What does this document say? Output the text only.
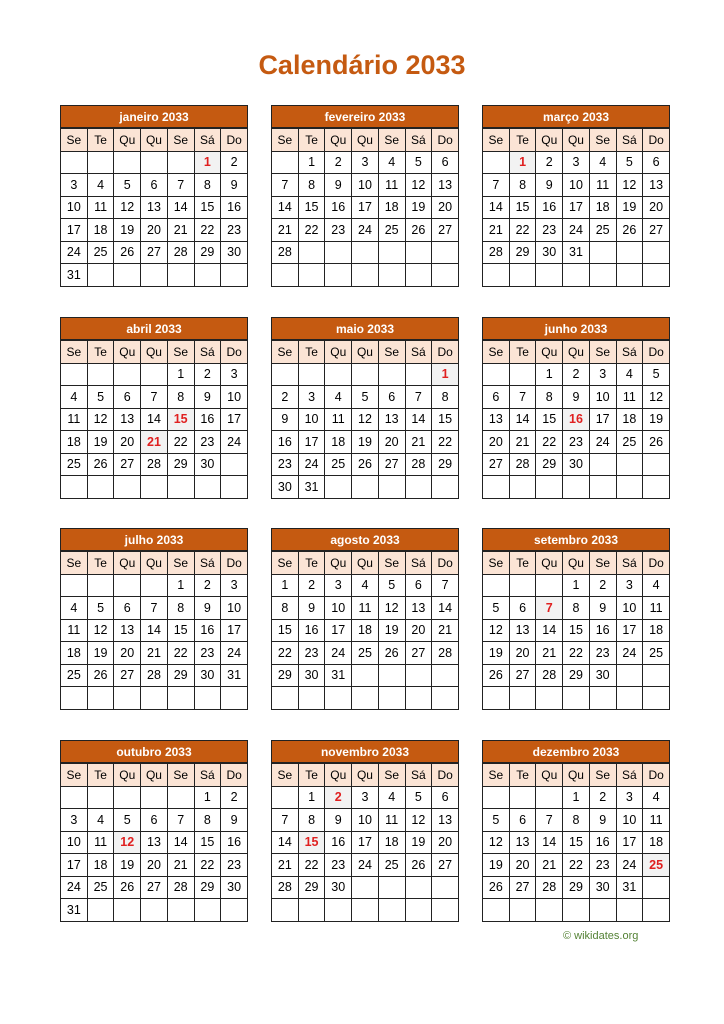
Calendário 2033
janeiro 2033
Se	Te	Qu	Qu	Se	Sá	Do
					1	2
3	4	5	6	7	8	9
10	11	12	13	14	15	16
17	18	19	20	21	22	23
24	25	26	27	28	29	30
31						
fevereiro 2033
Se	Te	Qu	Qu	Se	Sá	Do
	1	2	3	4	5	6
7	8	9	10	11	12	13
14	15	16	17	18	19	20
21	22	23	24	25	26	27
28						

março 2033
Se	Te	Qu	Qu	Se	Sá	Do
	1	2	3	4	5	6
7	8	9	10	11	12	13
14	15	16	17	18	19	20
21	22	23	24	25	26	27
28	29	30	31			

abril 2033
Se	Te	Qu	Qu	Se	Sá	Do
				1	2	3
4	5	6	7	8	9	10
11	12	13	14	15	16	17
18	19	20	21	22	23	24
25	26	27	28	29	30	

maio 2033
Se	Te	Qu	Qu	Se	Sá	Do
						1
2	3	4	5	6	7	8
9	10	11	12	13	14	15
16	17	18	19	20	21	22
23	24	25	26	27	28	29
30	31					
junho 2033
Se	Te	Qu	Qu	Se	Sá	Do
		1	2	3	4	5
6	7	8	9	10	11	12
13	14	15	16	17	18	19
20	21	22	23	24	25	26
27	28	29	30			

julho 2033
Se	Te	Qu	Qu	Se	Sá	Do
				1	2	3
4	5	6	7	8	9	10
11	12	13	14	15	16	17
18	19	20	21	22	23	24
25	26	27	28	29	30	31

agosto 2033
Se	Te	Qu	Qu	Se	Sá	Do
1	2	3	4	5	6	7
8	9	10	11	12	13	14
15	16	17	18	19	20	21
22	23	24	25	26	27	28
29	30	31				

setembro 2033
Se	Te	Qu	Qu	Se	Sá	Do
			1	2	3	4
5	6	7	8	9	10	11
12	13	14	15	16	17	18
19	20	21	22	23	24	25
26	27	28	29	30		

outubro 2033
Se	Te	Qu	Qu	Se	Sá	Do
					1	2
3	4	5	6	7	8	9
10	11	12	13	14	15	16
17	18	19	20	21	22	23
24	25	26	27	28	29	30
31						
novembro 2033
Se	Te	Qu	Qu	Se	Sá	Do
	1	2	3	4	5	6
7	8	9	10	11	12	13
14	15	16	17	18	19	20
21	22	23	24	25	26	27
28	29	30				

dezembro 2033
Se	Te	Qu	Qu	Se	Sá	Do
			1	2	3	4
5	6	7	8	9	10	11
12	13	14	15	16	17	18
19	20	21	22	23	24	25
26	27	28	29	30	31	

© wikidates.org
